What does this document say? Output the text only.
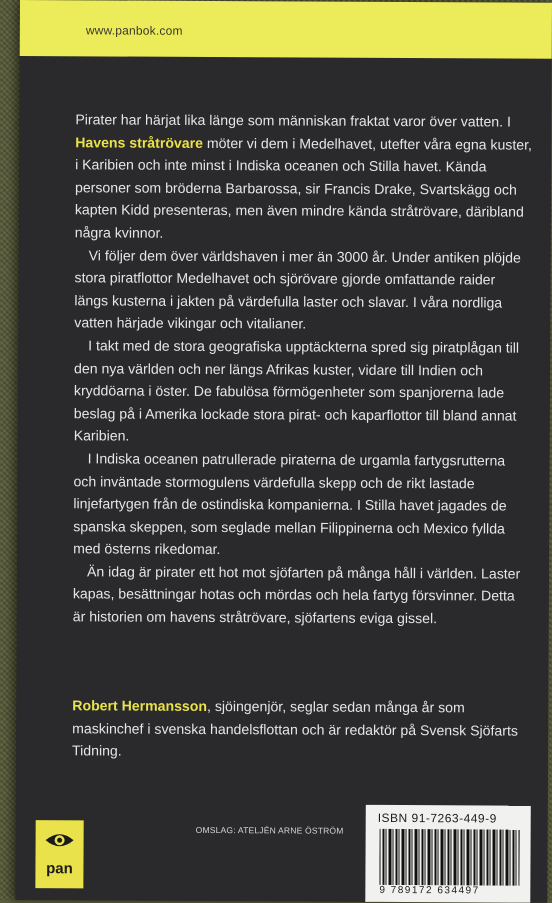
www.panbok.com

Pirater har härjat lika länge som människan fraktat varor över vatten. I Havens stråtrövare möter vi dem i Medelhavet, utefter våra egna kuster, i Karibien och inte minst i Indiska oceanen och Stilla havet. Kända personer som bröderna Barbarossa, sir Francis Drake, Svartskägg och kapten Kidd presenteras, men även mindre kända stråtrövare, däribland några kvinnor.

Vi följer dem över världshaven i mer än 3000 år. Under antiken plöjde stora piratflottor Medelhavet och sjörövare gjorde omfattande raider längs kusterna i jakten på värdefulla laster och slavar. I våra nordliga vatten härjade vikingar och vitalianer.

I takt med de stora geografiska upptäckterna spred sig piratplågan till den nya världen och ner längs Afrikas kuster, vidare till Indien och kryddöarna i öster. De fabulösa förmögenheter som spanjorerna lade beslag på i Amerika lockade stora pirat- och kaparflottor till bland annat Karibien.

I Indiska oceanen patrullerade piraterna de urgamla fartygsrutterna och inväntade stormogulens värdefulla skepp och de rikt lastade linjefartygen från de ostindiska kompanierna. I Stilla havet jagades de spanska skeppen, som seglade mellan Filippinerna och Mexico fyllda med österns rikedomar.

Än idag är pirater ett hot mot sjöfarten på många håll i världen. Laster kapas, besättningar hotas och mördas och hela fartyg försvinner. Detta är historien om havens stråtrövare, sjöfartens eviga gissel.

Robert Hermansson, sjöingenjör, seglar sedan många år som maskinchef i svenska handelsflottan och är redaktör på Svensk Sjöfarts Tidning.
pan
OMSLAG: ATELJÉN ARNE ÖSTRÖM
ISBN 91-7263-449-9
9 789172 634497
